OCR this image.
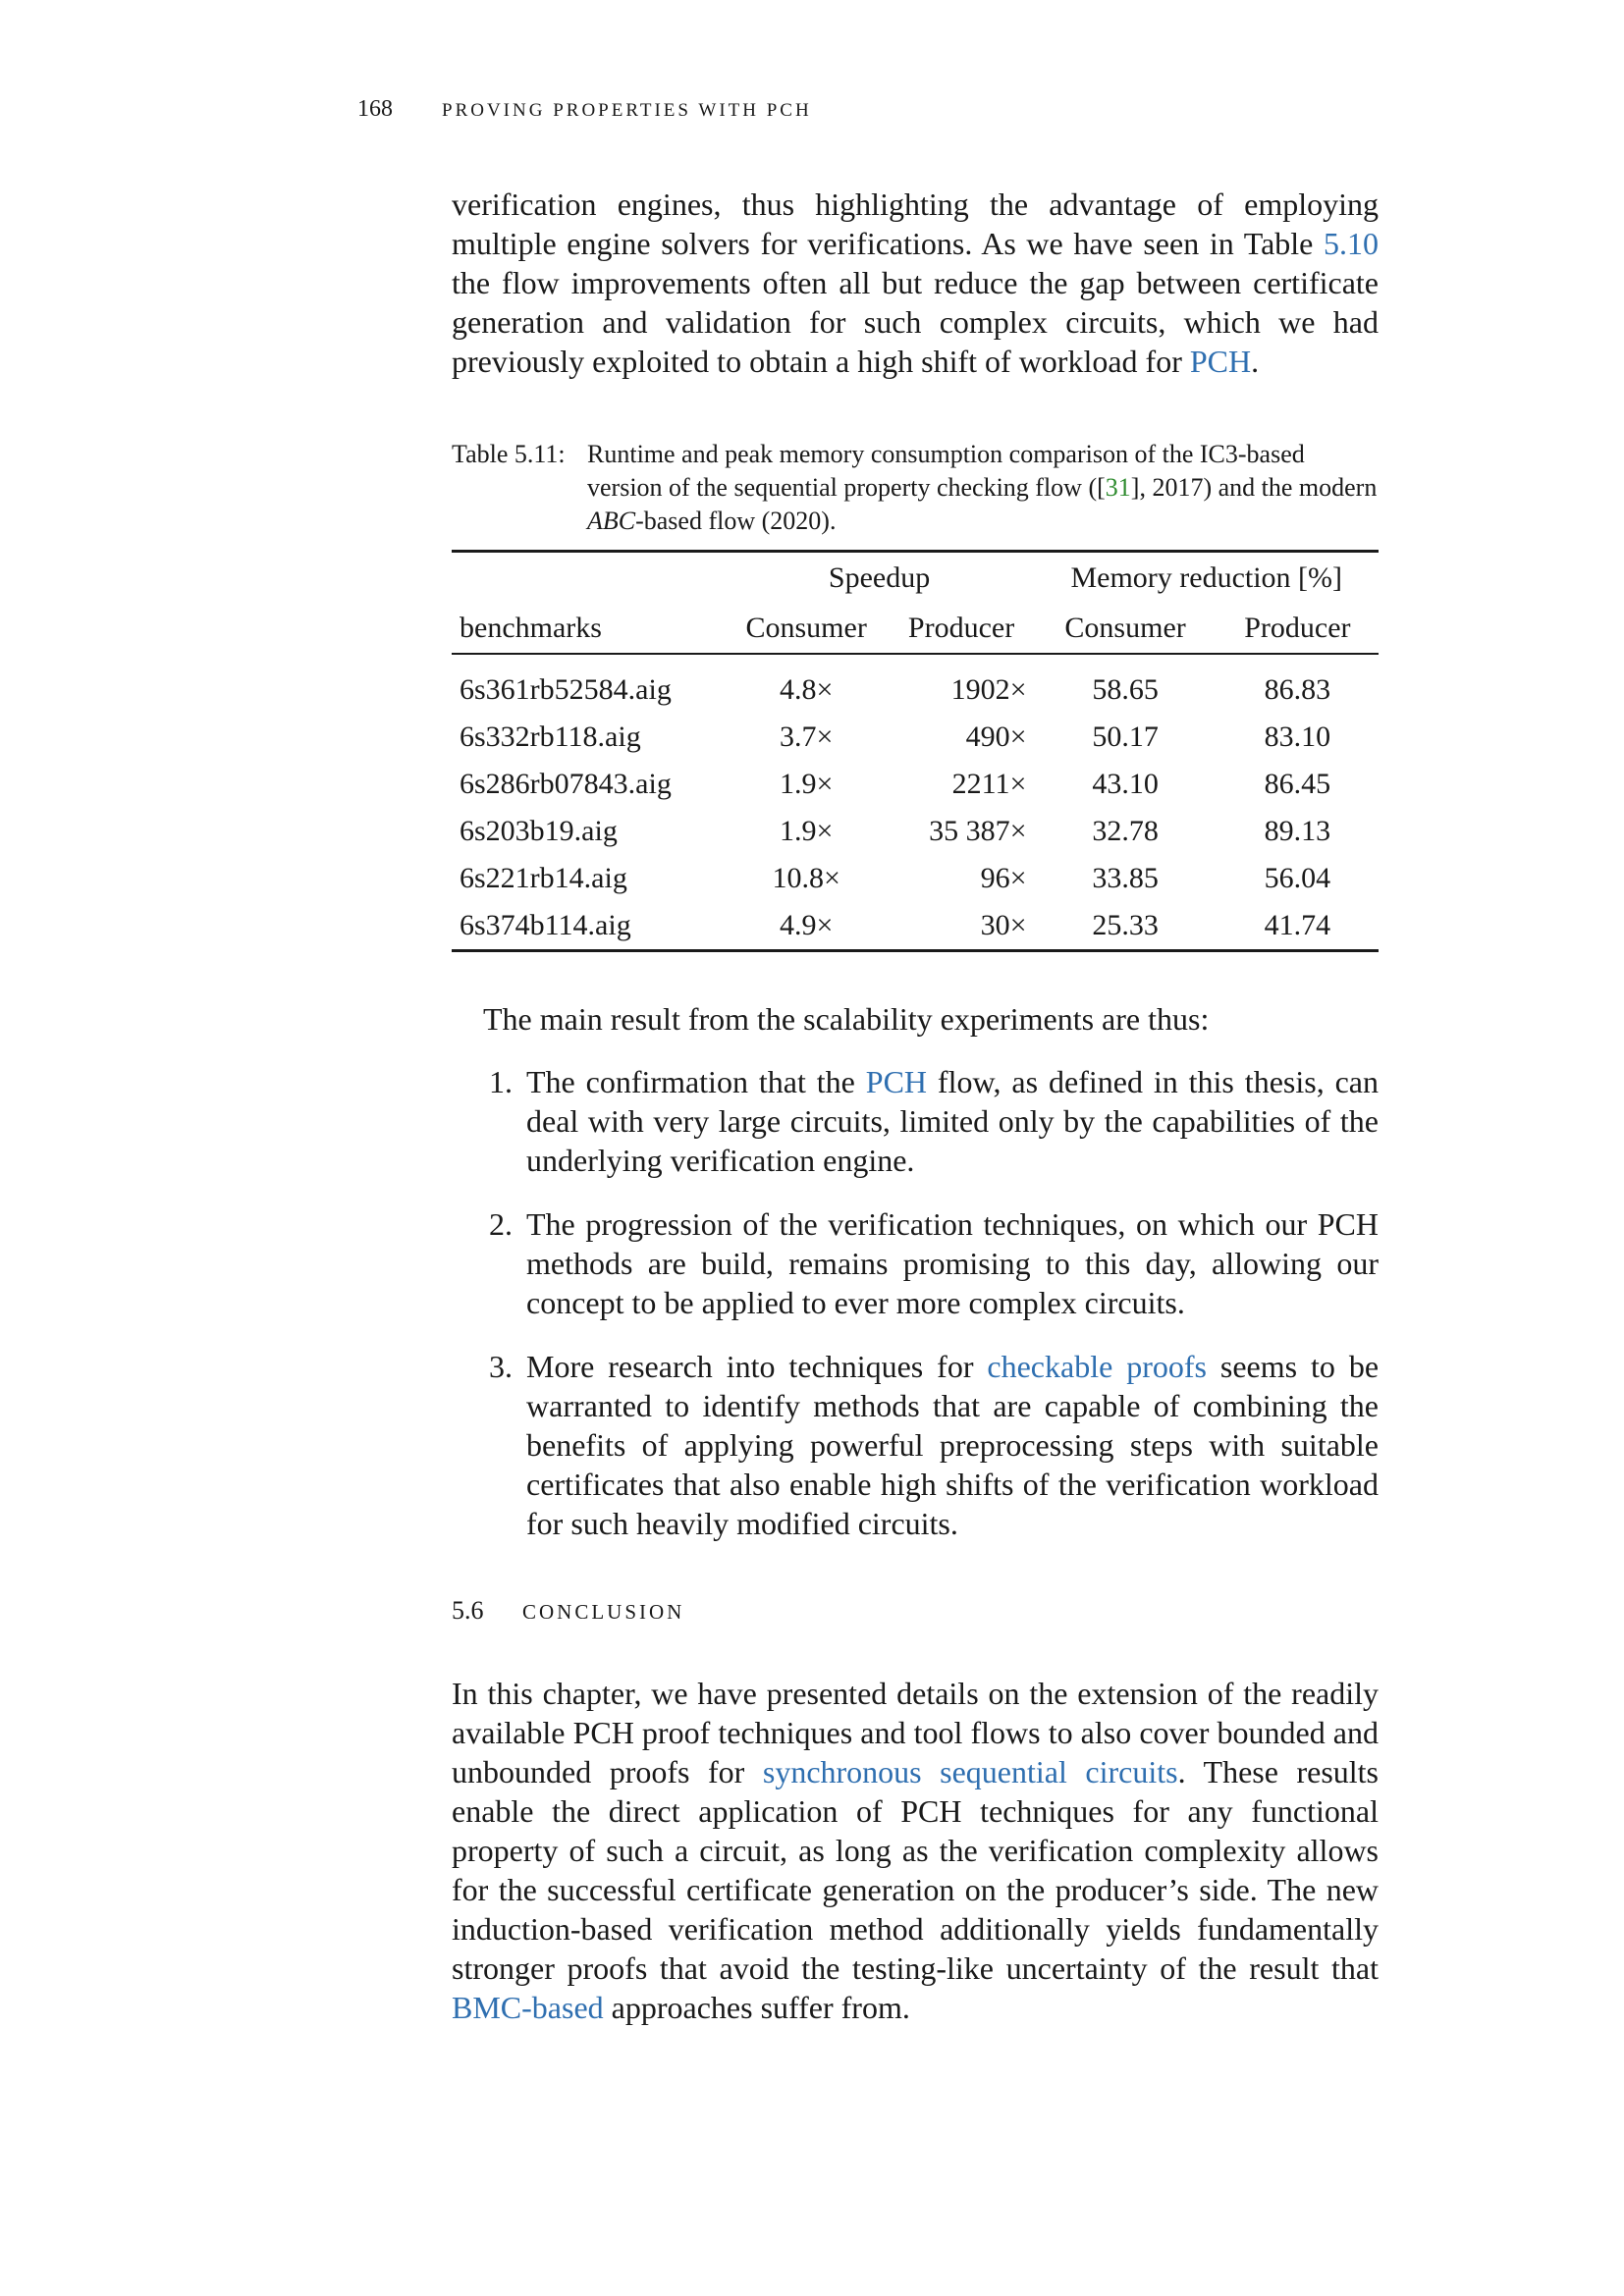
168	PROVING PROPERTIES WITH PCH

verification engines, thus highlighting the advantage of employing multiple engine solvers for verifications. As we have seen in Table 5.10 the flow improvements often all but reduce the gap between certificate generation and validation for such complex circuits, which we had previously exploited to obtain a high shift of workload for PCH.

Table 5.11: Runtime and peak memory consumption comparison of the IC3-based version of the sequential property checking flow ([31], 2017) and the modern ABC-based flow (2020).
	Speedup		Memory reduction [%]	
benchmarks	Consumer	Producer	Consumer	Producer

6s361rb52584.aig	4.8×	1902×	58.65	86.83
6s332rb118.aig	3.7×	490×	50.17	83.10
6s286rb07843.aig	1.9×	2211×	43.10	86.45
6s203b19.aig	1.9×	35 387×	32.78	89.13
6s221rb14.aig	10.8×	96×	33.85	56.04
6s374b114.aig	4.9×	30×	25.33	41.74
The main result from the scalability experiments are thus:
1. The confirmation that the PCH flow, as defined in this thesis, can deal with very large circuits, limited only by the capabilities of the underlying verification engine.
2. The progression of the verification techniques, on which our PCH methods are build, remains promising to this day, allowing our concept to be applied to ever more complex circuits.
3. More research into techniques for checkable proofs seems to be warranted to identify methods that are capable of combining the benefits of applying powerful preprocessing steps with suitable certificates that also enable high shifts of the verification workload for such heavily modified circuits.
5.6 CONCLUSION

In this chapter, we have presented details on the extension of the readily available PCH proof techniques and tool flows to also cover bounded and unbounded proofs for synchronous sequential circuits. These results enable the direct application of PCH techniques for any functional property of such a circuit, as long as the verification complexity allows for the successful certificate generation on the producer’s side. The new induction-based verification method additionally yields fundamentally stronger proofs that avoid the testing-like uncertainty of the result that BMC-based approaches suffer from.
